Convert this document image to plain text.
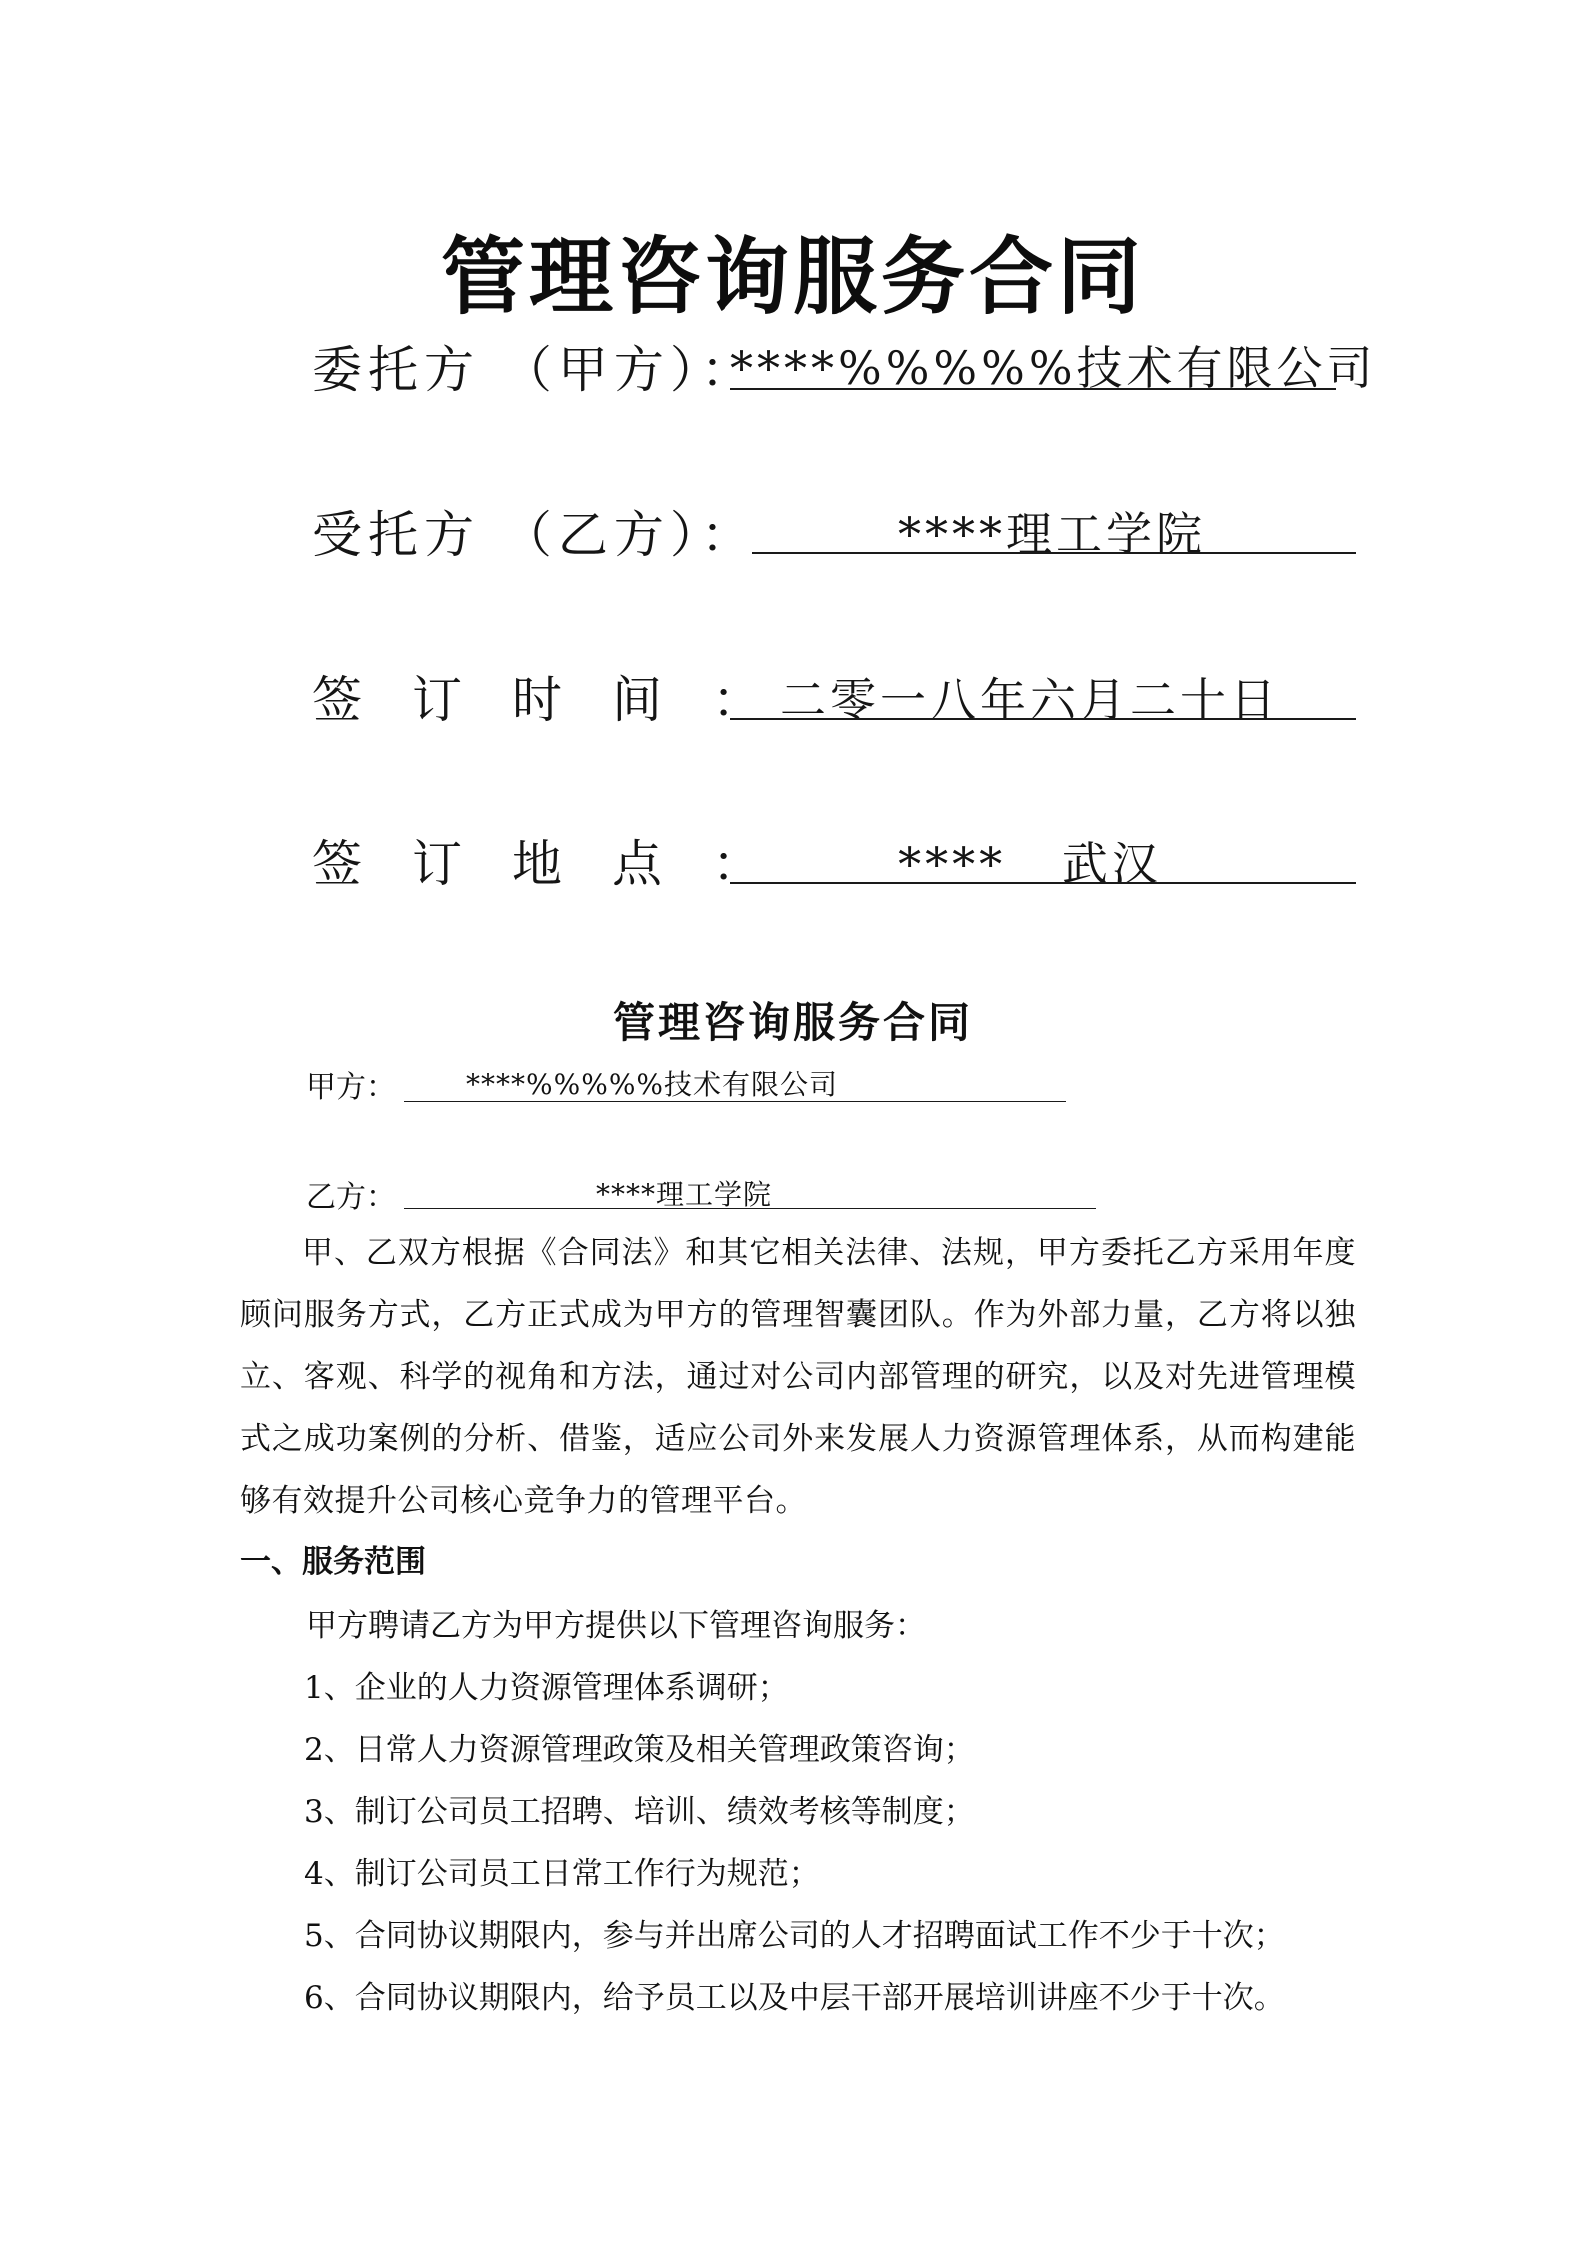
管理咨询服务合同
委托方 （甲方）：
****%%%%%技术有限公司
受托方 （乙方）：	****理工学院
签 订 时 间 ： 二零一八年六月二十日
签 订 地 点 ：	****   武汉
管理咨询服务合同
甲方：	****%%%%%技术有限公司
乙方：	****理工学院
甲、乙双方根据《合同法》和其它相关法律、法规，甲方委托乙方采用年度顾问服务方式，乙方正式成为甲方的管理智囊团队。作为外部力量，乙方将以独立、客观、科学的视角和方法，通过对公司内部管理的研究，以及对先进管理模式之成功案例的分析、借鉴，适应公司外来发展人力资源管理体系，从而构建能够有效提升公司核心竞争力的管理平台。
一、服务范围
甲方聘请乙方为甲方提供以下管理咨询服务：
1、企业的人力资源管理体系调研；
2、日常人力资源管理政策及相关管理政策咨询；
3、制订公司员工招聘、培训、绩效考核等制度；
4、制订公司员工日常工作行为规范；
5、合同协议期限内，参与并出席公司的人才招聘面试工作不少于十次；
6、合同协议期限内，给予员工以及中层干部开展培训讲座不少于十次。
